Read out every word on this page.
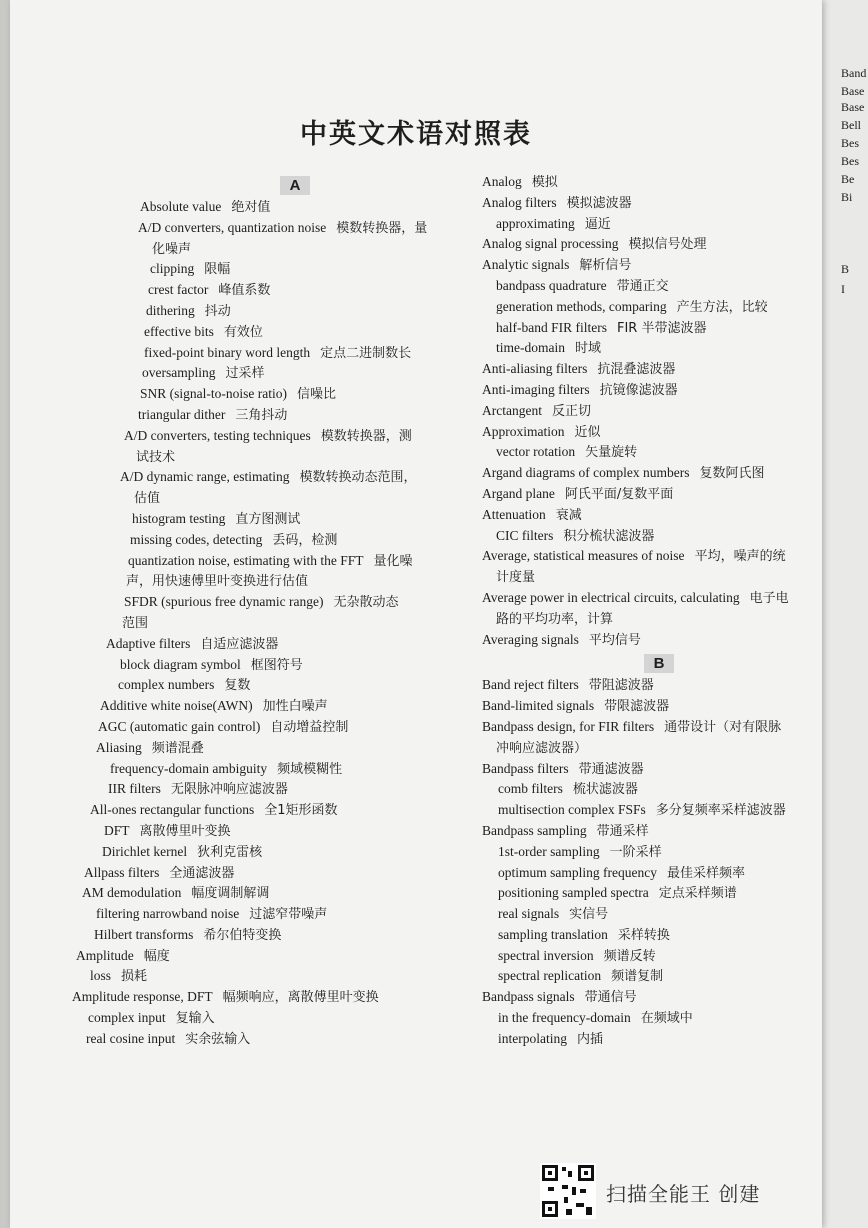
Band
Base
Base
Bell
Bes
Bes
Be
Bi
B
I
中英文术语对照表
A
Absolute value 绝对值
A/D converters, quantization noise 模数转换器，量
化噪声
clipping 限幅
crest factor 峰值系数
dithering 抖动
effective bits 有效位
fixed-point binary word length 定点二进制数长
oversampling 过采样
SNR (signal-to-noise ratio) 信噪比
triangular dither 三角抖动
A/D converters, testing techniques 模数转换器，测
试技术
A/D dynamic range, estimating 模数转换动态范围，
估值
histogram testing 直方图测试
missing codes, detecting 丢码，检测
quantization noise, estimating with the FFT 量化噪
声，用快速傅里叶变换进行估值
SFDR (spurious free dynamic range) 无杂散动态
范围
Adaptive filters 自适应滤波器
block diagram symbol 框图符号
complex numbers 复数
Additive white noise(AWN) 加性白噪声
AGC (automatic gain control) 自动增益控制
Aliasing 频谱混叠
frequency-domain ambiguity 频域模糊性
IIR filters 无限脉冲响应滤波器
All-ones rectangular functions 全1矩形函数
DFT 离散傅里叶变换
Dirichlet kernel 狄利克雷核
Allpass filters 全通滤波器
AM demodulation 幅度调制解调
filtering narrowband noise 过滤窄带噪声
Hilbert transforms 希尔伯特变换
Amplitude 幅度
loss 损耗
Amplitude response, DFT 幅频响应，离散傅里叶变换
complex input 复输入
real cosine input 实余弦输入
Analog 模拟
Analog filters 模拟滤波器
approximating 逼近
Analog signal processing 模拟信号处理
Analytic signals 解析信号
bandpass quadrature 带通正交
generation methods, comparing 产生方法，比较
half-band FIR filters FIR 半带滤波器
time-domain 时域
Anti-aliasing filters 抗混叠滤波器
Anti-imaging filters 抗镜像滤波器
Arctangent 反正切
Approximation 近似
vector rotation 矢量旋转
Argand diagrams of complex numbers 复数阿氏图
Argand plane 阿氏平面/复数平面
Attenuation 衰减
CIC filters 积分梳状滤波器
Average, statistical measures of noise 平均，噪声的统
计度量
Average power in electrical circuits, calculating 电子电
路的平均功率，计算
Averaging signals 平均信号
B
Band reject filters 带阻滤波器
Band-limited signals 带限滤波器
Bandpass design, for FIR filters 通带设计（对有限脉
冲响应滤波器）
Bandpass filters 带通滤波器
comb filters 梳状滤波器
multisection complex FSFs 多分复频率采样滤波器
Bandpass sampling 带通采样
1st-order sampling 一阶采样
optimum sampling frequency 最佳采样频率
positioning sampled spectra 定点采样频谱
real signals 实信号
sampling translation 采样转换
spectral inversion 频谱反转
spectral replication 频谱复制
Bandpass signals 带通信号
in the frequency-domain 在频域中
interpolating 内插
扫描全能王 创建
